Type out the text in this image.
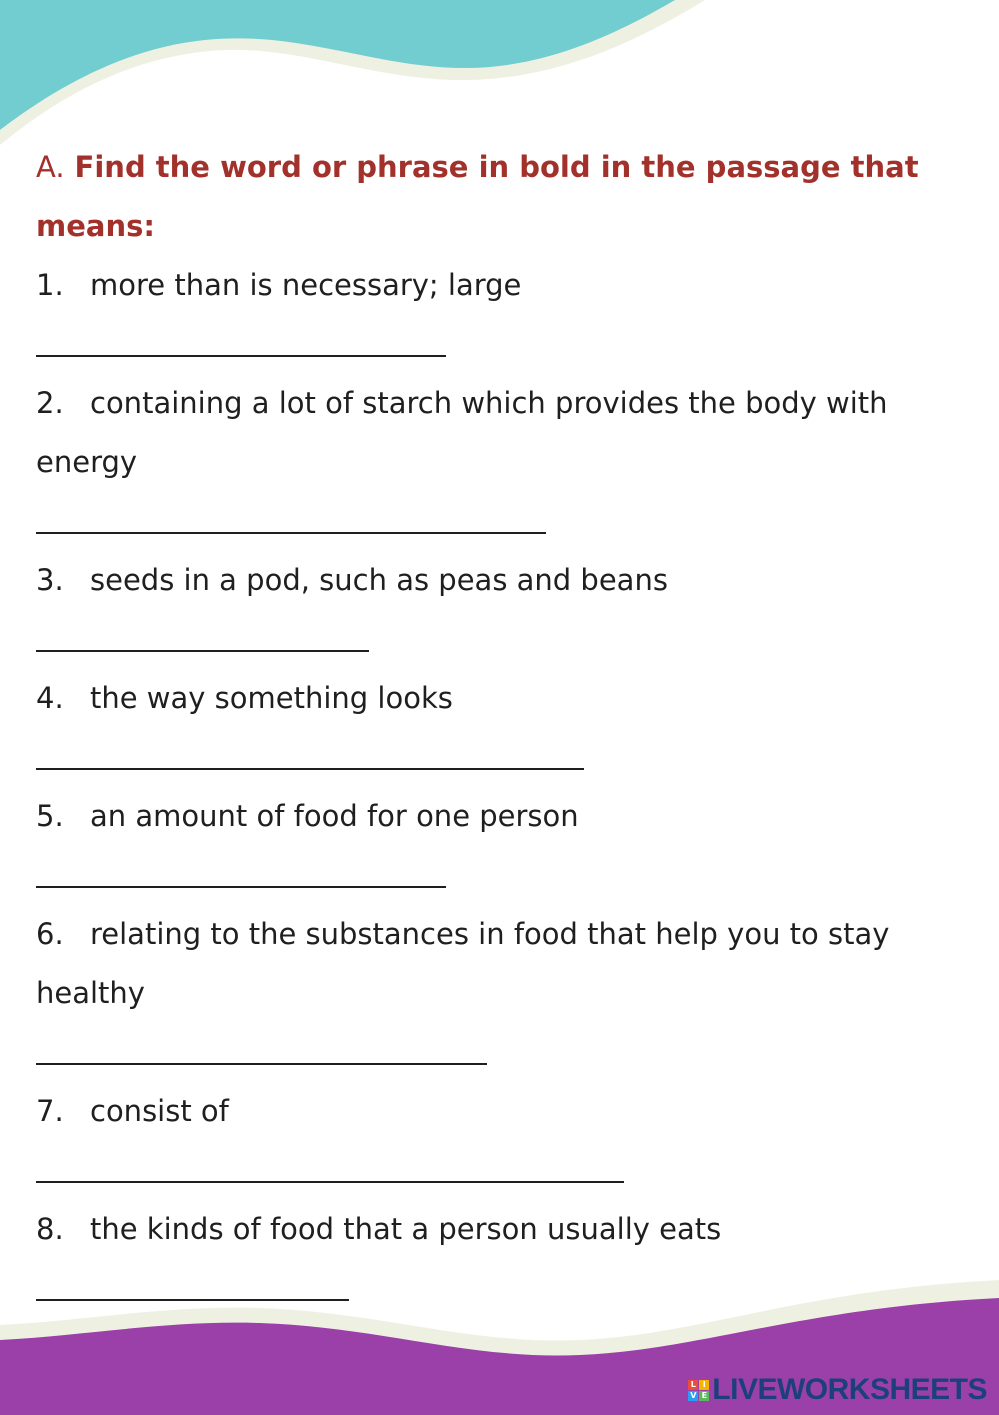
A. Find the word or phrase in bold in the passage that means:

1. more than is necessary; large

2. containing a lot of starch which provides the body with energy

3. seeds in a pod, such as peas and beans

4. the way something looks

5. an amount of food for one person

6. relating to the substances in food that help you to stay healthy

7. consist of

8. the kinds of food that a person usually eats

L I
V E LIVEWORKSHEETS
